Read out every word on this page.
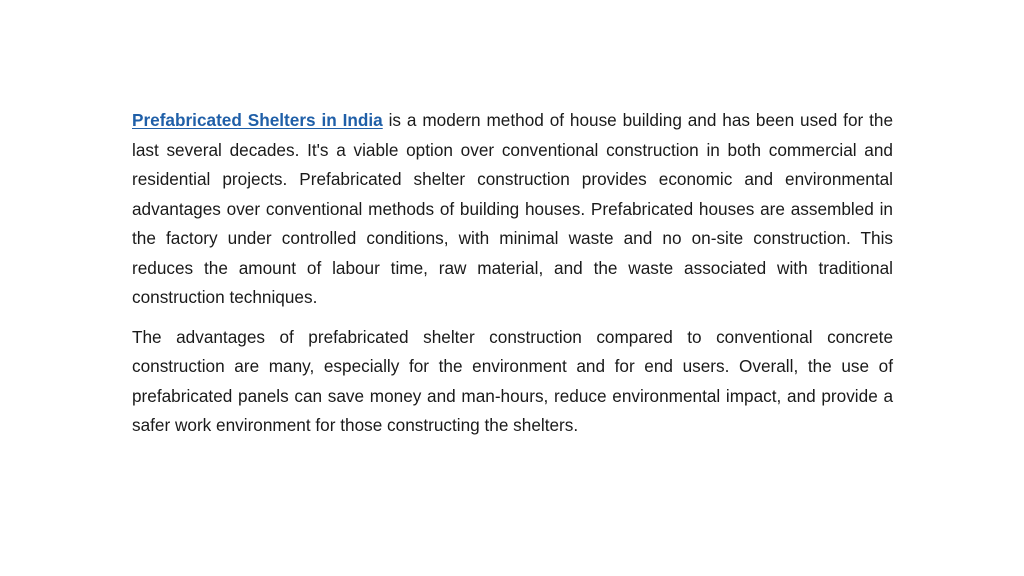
Prefabricated Shelters in India is a modern method of house building and has been used for the last several decades. It's a viable option over conventional construction in both commercial and residential projects. Prefabricated shelter construction provides economic and environmental advantages over conventional methods of building houses. Prefabricated houses are assembled in the factory under controlled conditions, with minimal waste and no on-site construction. This reduces the amount of labour time, raw material, and the waste associated with traditional construction techniques.

The advantages of prefabricated shelter construction compared to conventional concrete construction are many, especially for the environment and for end users. Overall, the use of prefabricated panels can save money and man-hours, reduce environmental impact, and provide a safer work environment for those constructing the shelters.
